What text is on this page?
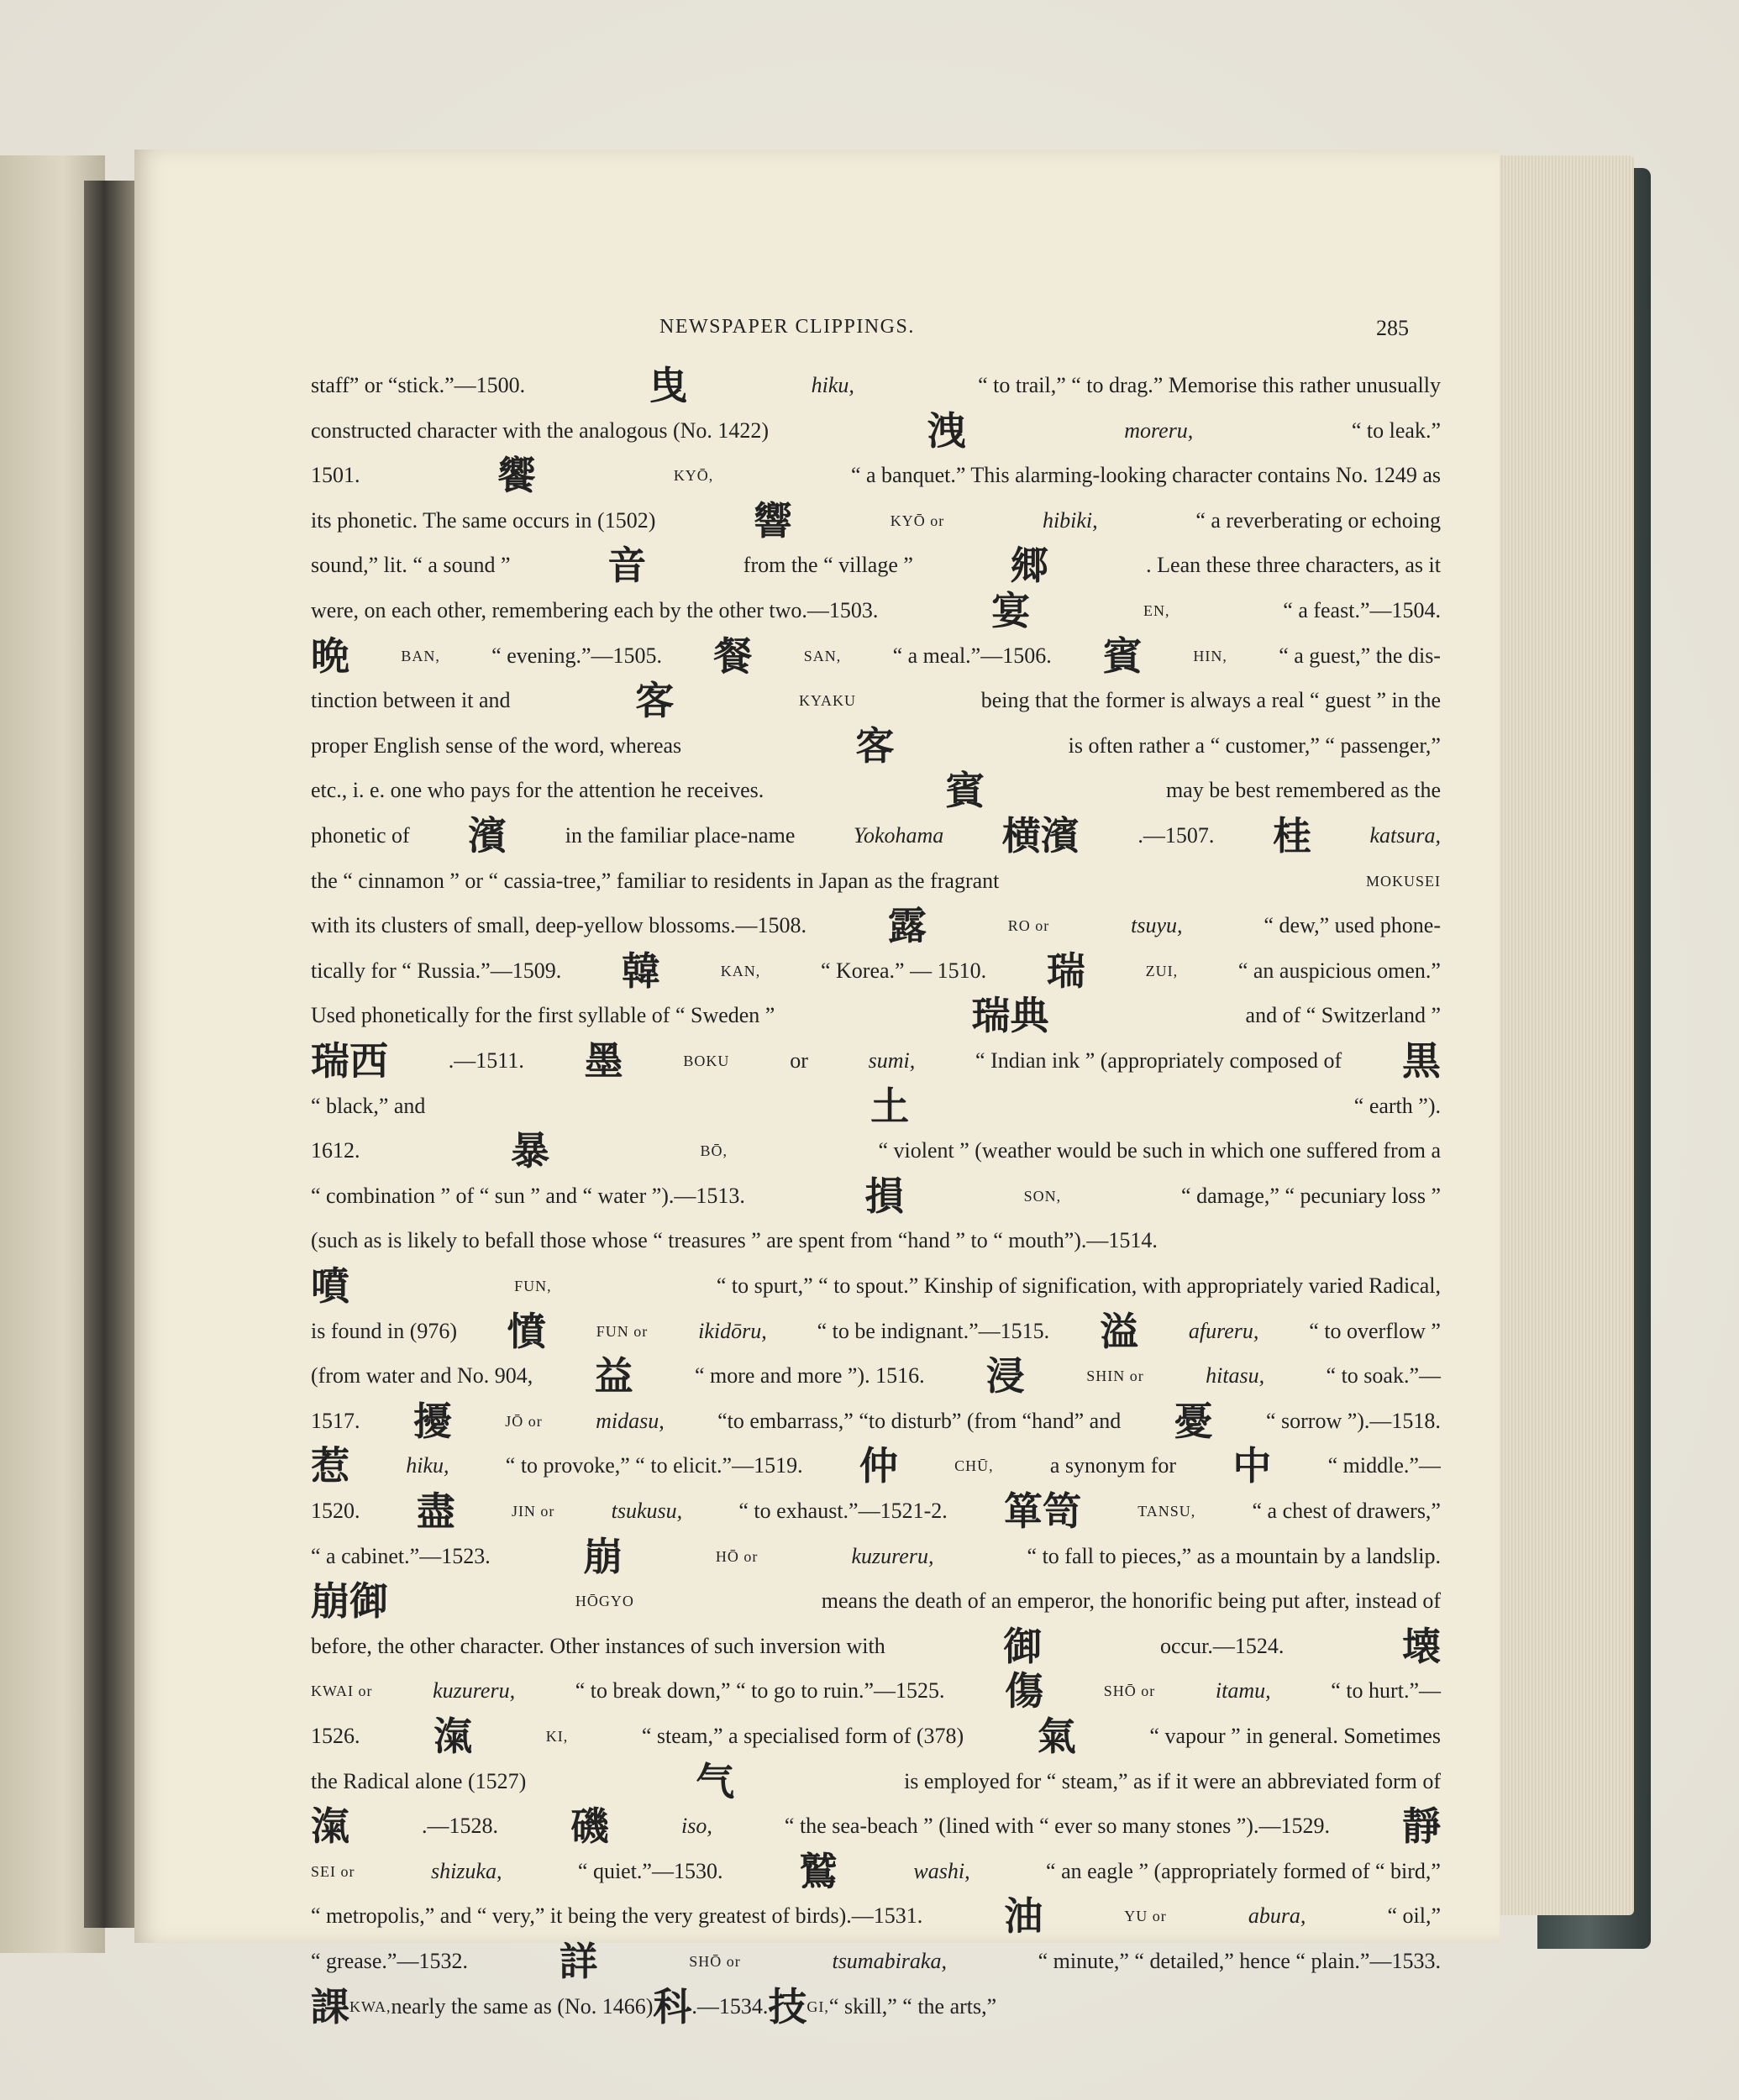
NEWSPAPER CLIPPINGS.	285
staff” or “stick.”—1500.	曳	hiku,	“ to trail,” “ to drag.” Memorise this rather unusually
constructed character with the analogous (No. 1422)	洩	moreru,	“ to leak.”
1501.	饗	KYŌ,	“ a banquet.” This alarming-looking character contains No. 1249 as
its phonetic. The same occurs in (1502)	響	KYŌ or	hibiki,	“ a reverberating or echoing
sound,” lit. “ a sound ”	音	from the “ village ”	郷	. Lean these three characters, as it
were, on each other, remembering each by the other two.—1503.	宴	EN,	“ a feast.”—1504.
晩	BAN, “ evening.”—1505. 餐	SAN, “ a meal.”—1506. 賓	HIN, “ a guest,” the dis-
tinction between it and	客	KYAKU	being that the former is always a real “ guest ” in the
proper English sense of the word, whereas	客	is often rather a “ customer,” “ passenger,”
etc., i. e. one who pays for the attention he receives.	賓	may be best remembered as the
phonetic of 濱	in the familiar place-name	Yokohama 横濱	.—1507. 桂	katsura,
the “ cinnamon ” or “ cassia-tree,” familiar to residents in Japan as the fragrant	MOKUSEI
with its clusters of small, deep-yellow blossoms.—1508. 露	RO or	tsuyu,	“ dew,” used phone-
tically for “ Russia.”—1509. 韓	KAN,	“ Korea.” — 1510. 瑞	ZUI,	“ an auspicious omen.”
Used phonetically for the first syllable of “ Sweden ”	瑞典	and of “ Switzerland ”
瑞西	.—1511. 墨	BOKU	or	sumi,	“ Indian ink ” (appropriately composed of 黒
“ black,” and	土	“ earth ”).
1612.	暴	BŌ,	“ violent ” (weather would be such in which one suffered from a
“ combination ” of “ sun ” and “ water ”).—1513.	損	SON,	“ damage,” “ pecuniary loss ”
(such as is likely to befall those whose “ treasures ” are spent from “hand ” to “ mouth”).—1514.
噴	FUN,	“ to spurt,” “ to spout.” Kinship of signification, with appropriately varied Radical,
is found in (976) 憤	FUN or ikidōru, “ to be indignant.”—1515. 溢 afureru, “ to overflow ”
(from water and No. 904, 益	“ more and more ”). 1516. 浸	SHIN or	hitasu,	“ to soak.”—
1517. 擾	JŌ or midasu, “to embarrass,” “to disturb” (from “hand” and 憂 “ sorrow ”).—1518.
惹	hiku,	“ to provoke,” “ to elicit.”—1519. 仲	CHŪ,	a synonym for 中	“ middle.”—
1520. 盡	JIN or	tsukusu,	“ to exhaust.”—1521-2. 箪笥	TANSU,	“ a chest of drawers,”
“ a cabinet.”—1523. 崩	HŌ or	kuzureru,	“ to fall to pieces,” as a mountain by a landslip.
崩御	HŌGYO	means the death of an emperor, the honorific being put after, instead of
before, the other character. Other instances of such inversion with	御	occur.—1524.	壊
KWAI or	kuzureru,	“ to break down,” “ to go to ruin.”—1525. 傷	SHŌ or	itamu,	“ to hurt.”—
1526. 滊	KI,	“ steam,” a specialised form of (378) 氣	“ vapour ” in general. Sometimes
the Radical alone (1527)	气	is employed for “ steam,” as if it were an abbreviated form of
滊	.—1528. 磯	iso,	“ the sea-beach ” (lined with “ ever so many stones ”).—1529. 靜
SEI or	shizuka,	“ quiet.”—1530. 鷲	washi,	“ an eagle ” (appropriately formed of “ bird,”
“ metropolis,” and “ very,” it being the very greatest of birds).—1531. 油	YU or	abura,	“ oil,”
“ grease.”—1532. 詳	SHŌ or	tsumabiraka,	“ minute,” “ detailed,” hence “ plain.”—1533.
課 KWA, nearly the same as (No. 1466) 科 .—1534. 技 GI, “ skill,” “ the arts,”
